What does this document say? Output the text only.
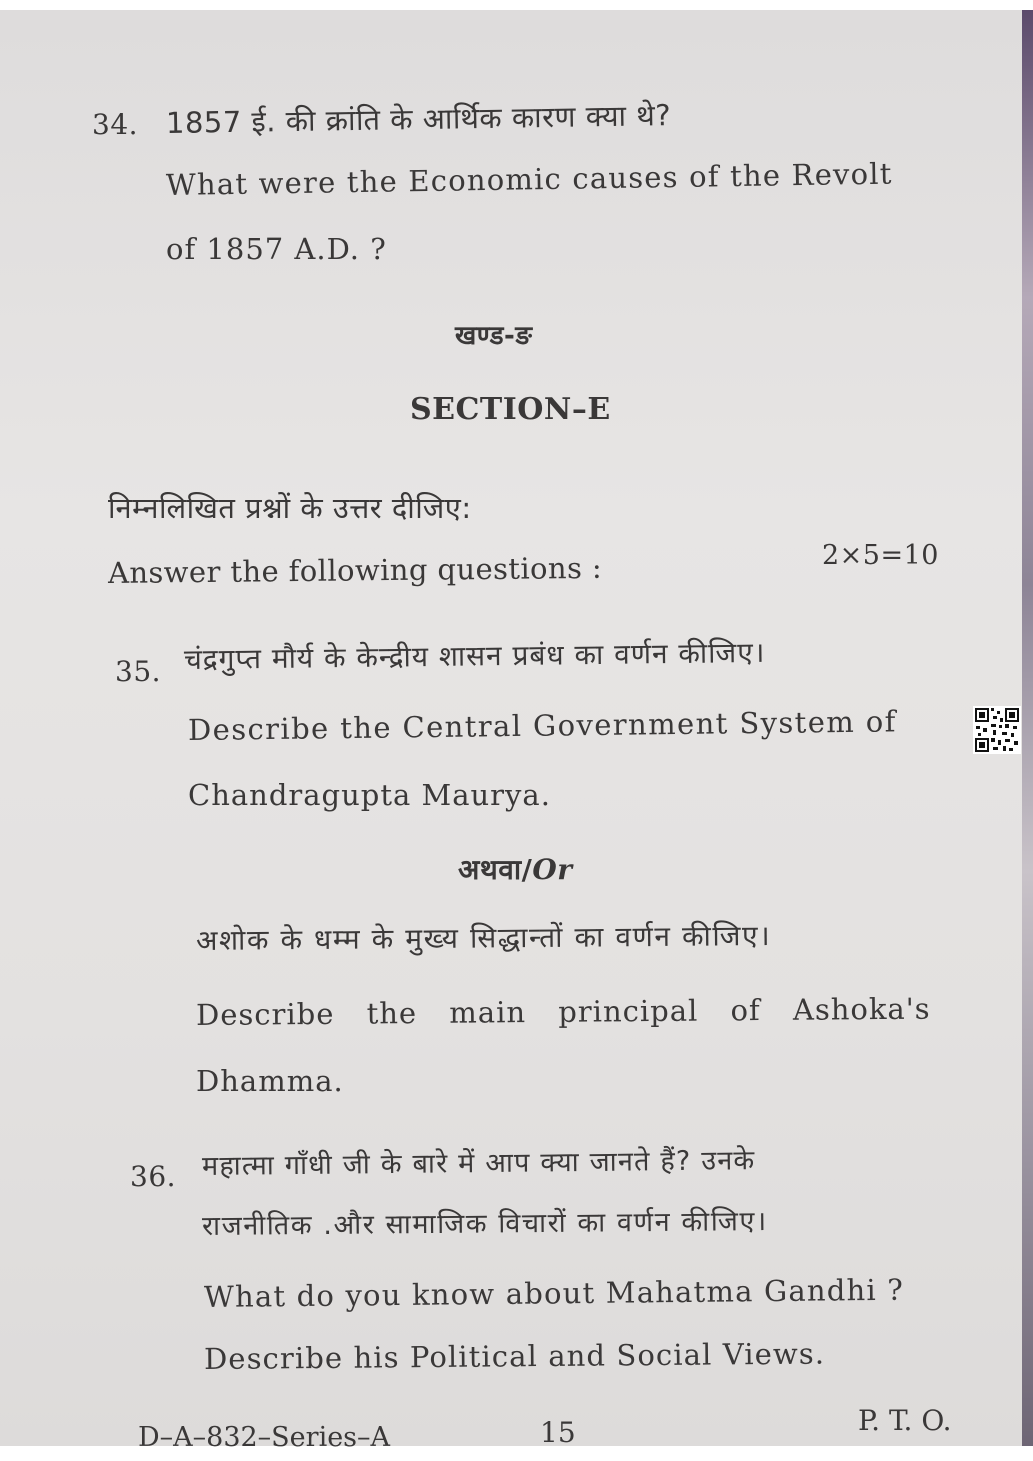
34. 1857 ई. की क्रांति के आर्थिक कारण क्या थे?
What were the Economic causes of the Revolt
of 1857 A.D. ?
खण्ड-ङ
SECTION–E
निम्नलिखित प्रश्नों के उत्तर दीजिए:
Answer the following questions :	2×5=10
35. चंद्रगुप्त मौर्य के केन्द्रीय शासन प्रबंध का वर्णन कीजिए।
Describe the Central Government System of
Chandragupta Maurya.
अथवा/Or
अशोक के धम्म के मुख्य सिद्धान्तों का वर्णन कीजिए।
Describe the main principal of Ashoka's
Dhamma.
36. महात्मा गाँधी जी के बारे में आप क्या जानते हैं? उनके
राजनीतिक .और सामाजिक विचारों का वर्णन कीजिए।
What do you know about Mahatma Gandhi ?
Describe his Political and Social Views.
D–A–832–Series–A	15	P. T. O.
